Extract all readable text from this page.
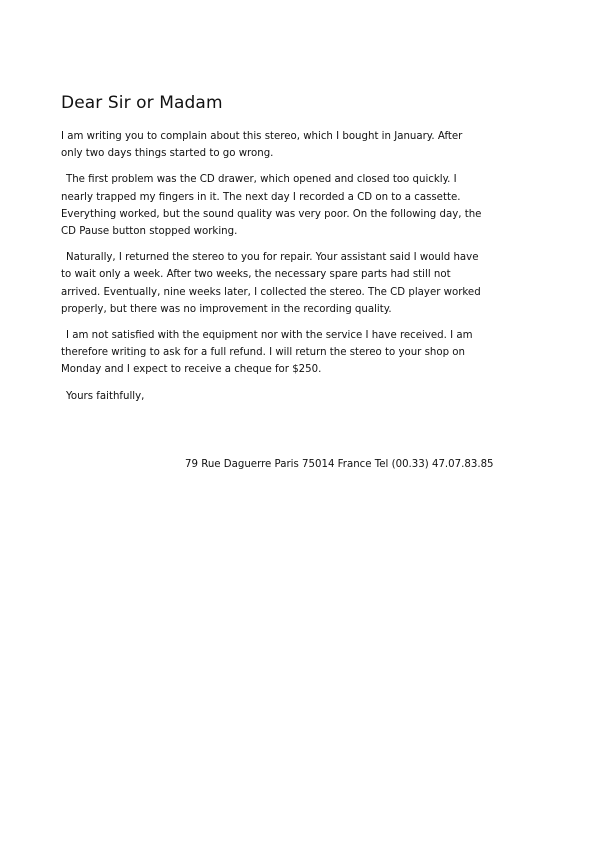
Dear Sir or Madam
I am writing you to complain about this stereo, which I bought in January. After
only two days things started to go wrong.
The first problem was the CD drawer, which opened and closed too quickly. I
nearly trapped my fingers in it. The next day I recorded a CD on to a cassette.
Everything worked, but the sound quality was very poor. On the following day, the
CD Pause button stopped working.
Naturally, I returned the stereo to you for repair. Your assistant said I would have
to wait only a week. After two weeks, the necessary spare parts had still not
arrived. Eventually, nine weeks later, I collected the stereo. The CD player worked
properly, but there was no improvement in the recording quality.
I am not satisfied with the equipment nor with the service I have received. I am
therefore writing to ask for a full refund. I will return the stereo to your shop on
Monday and I expect to receive a cheque for $250.
Yours faithfully,
79 Rue Daguerre Paris 75014 France Tel (00.33) 47.07.83.85
